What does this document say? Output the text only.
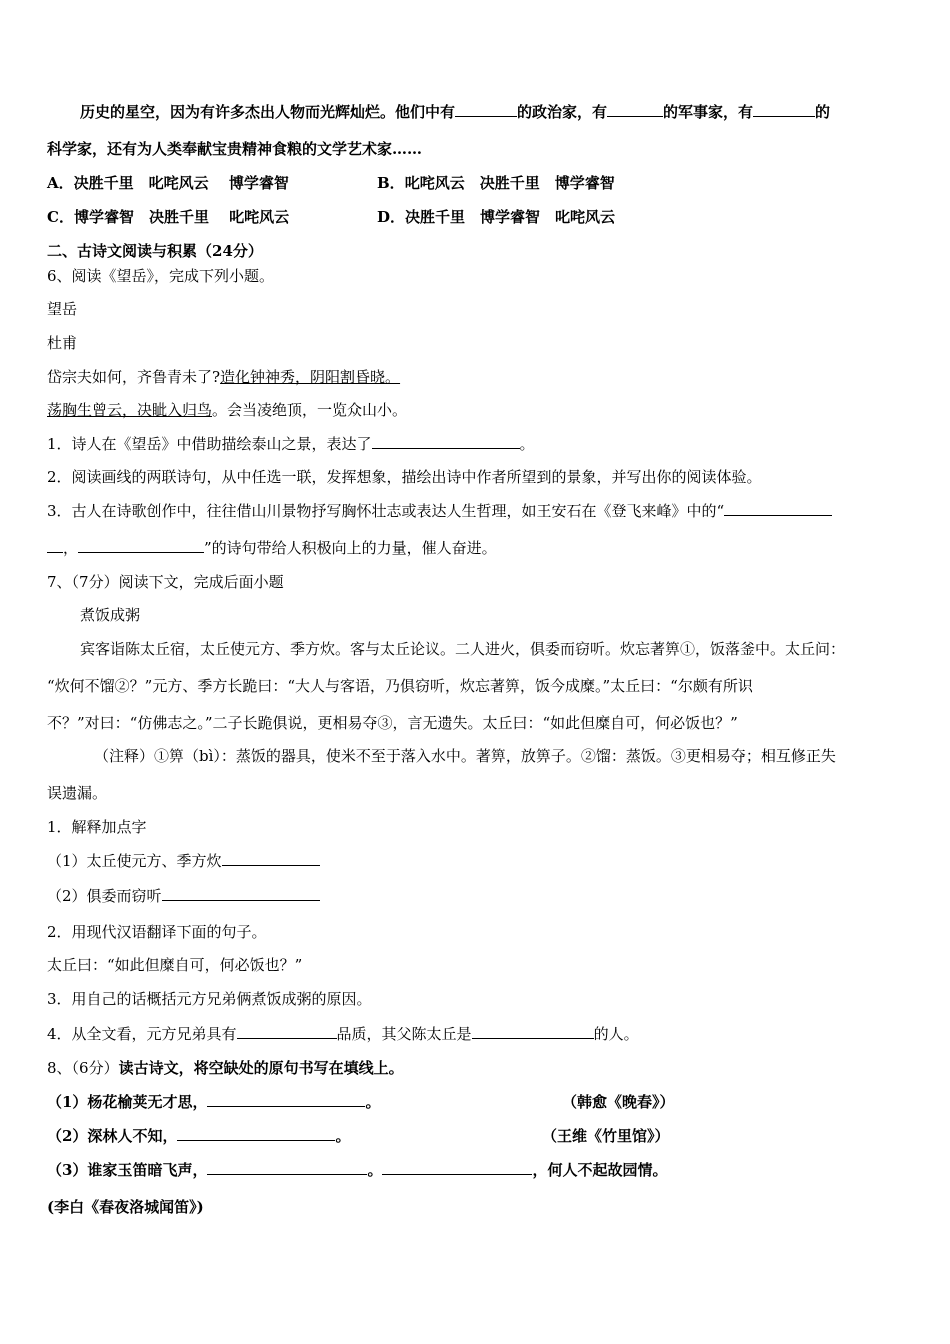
历史的星空，因为有许多杰出人物而光辉灿烂。他们中有	的政治家，有	的军事家，有	的
科学家，还有为人类奉献宝贵精神食粮的文学艺术家……
A．决胜千里　叱咤风云　 博学睿智	B．叱咤风云　决胜千里　博学睿智
C．博学睿智　决胜千里　 叱咤风云	D．决胜千里　博学睿智　叱咤风云
二、古诗文阅读与积累（24分）
6、阅读《望岳》，完成下列小题。
望岳
杜甫
岱宗夫如何，齐鲁青未了?造化钟神秀，阴阳割昏晓。
荡胸生曾云，决眦入归鸟。会当凌绝顶，一览众山小。
1．诗人在《望岳》中借助描绘泰山之景，表达了	。
2．阅读画线的两联诗句，从中任选一联，发挥想象，描绘出诗中作者所望到的景象，并写出你的阅读体验。
3．古人在诗歌创作中，往往借山川景物抒写胸怀壮志或表达人生哲理，如王安石在《登飞来峰》中的“
，	”的诗句带给人积极向上的力量，催人奋进。
7、（7分）阅读下文，完成后面小题
煮饭成粥
宾客诣陈太丘宿，太丘使元方、季方炊。客与太丘论议。二人进火，俱委而窃听。炊忘著箅①，饭落釜中。太丘问：
“炊何不馏②？”元方、季方长跪曰：“大人与客语，乃俱窃听，炊忘著箅，饭今成糜。”太丘曰：“尔颇有所识
不？”对曰：“仿佛志之。”二子长跪俱说，更相易夺③，言无遗失。太丘曰：“如此但糜自可，何必饭也？”
（注释）①箅（bì）：蒸饭的器具，使米不至于落入水中。著箅，放箅子。②馏：蒸饭。③更相易夺；相互修正失
误遗漏。
1．解释加点字
（1）太丘使元方、季方炊
（2）俱委而窃听
2．用现代汉语翻译下面的句子。
太丘曰：“如此但糜自可，何必饭也？”
3．用自己的话概括元方兄弟俩煮饭成粥的原因。
4．从全文看，元方兄弟具有	品质，其父陈太丘是	的人。
8、（6分）读古诗文，将空缺处的原句书写在填线上。
（1）杨花榆荚无才思，	。	（韩愈《晚春》）
（2）深林人不知，	。	（王维《竹里馆》）
（3）谁家玉笛暗飞声，	。	，何人不起故园情。
(李白《春夜洛城闻笛》)
